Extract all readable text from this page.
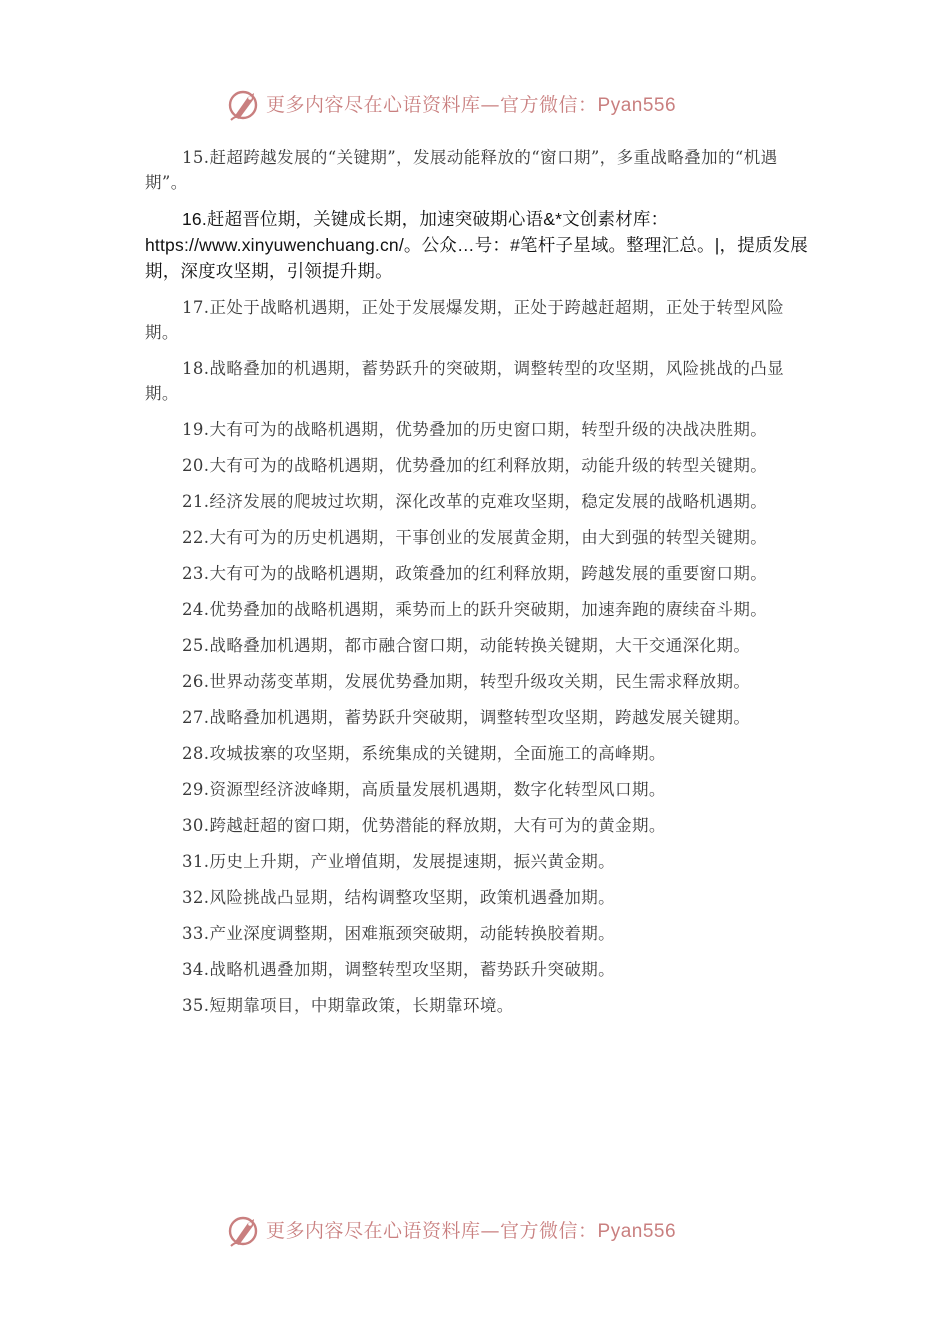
更多内容尽在心语资料库—官方微信：Pyan556

15.赶超跨越发展的“关键期”，发展动能释放的“窗口期”，多重战略叠加的“机遇期”。

16.赶超晋位期，关键成长期，加速突破期心语&*文创素材库：https://www.xinyuwenchuang.cn/。公众…号：#笔杆子星域。整理汇总。|，提质发展期，深度攻坚期，引领提升期。

17.正处于战略机遇期，正处于发展爆发期，正处于跨越赶超期，正处于转型风险期。

18.战略叠加的机遇期，蓄势跃升的突破期，调整转型的攻坚期，风险挑战的凸显期。

19.大有可为的战略机遇期，优势叠加的历史窗口期，转型升级的决战决胜期。

20.大有可为的战略机遇期，优势叠加的红利释放期，动能升级的转型关键期。

21.经济发展的爬坡过坎期，深化改革的克难攻坚期，稳定发展的战略机遇期。

22.大有可为的历史机遇期，干事创业的发展黄金期，由大到强的转型关键期。

23.大有可为的战略机遇期，政策叠加的红利释放期，跨越发展的重要窗口期。

24.优势叠加的战略机遇期，乘势而上的跃升突破期，加速奔跑的赓续奋斗期。

25.战略叠加机遇期，都市融合窗口期，动能转换关键期，大干交通深化期。

26.世界动荡变革期，发展优势叠加期，转型升级攻关期，民生需求释放期。

27.战略叠加机遇期，蓄势跃升突破期，调整转型攻坚期，跨越发展关键期。

28.攻城拔寨的攻坚期，系统集成的关键期，全面施工的高峰期。

29.资源型经济波峰期，高质量发展机遇期，数字化转型风口期。

30.跨越赶超的窗口期，优势潜能的释放期，大有可为的黄金期。

31.历史上升期，产业增值期，发展提速期，振兴黄金期。

32.风险挑战凸显期，结构调整攻坚期，政策机遇叠加期。

33.产业深度调整期，困难瓶颈突破期，动能转换胶着期。

34.战略机遇叠加期，调整转型攻坚期，蓄势跃升突破期。

35.短期靠项目，中期靠政策，长期靠环境。

更多内容尽在心语资料库—官方微信：Pyan556
